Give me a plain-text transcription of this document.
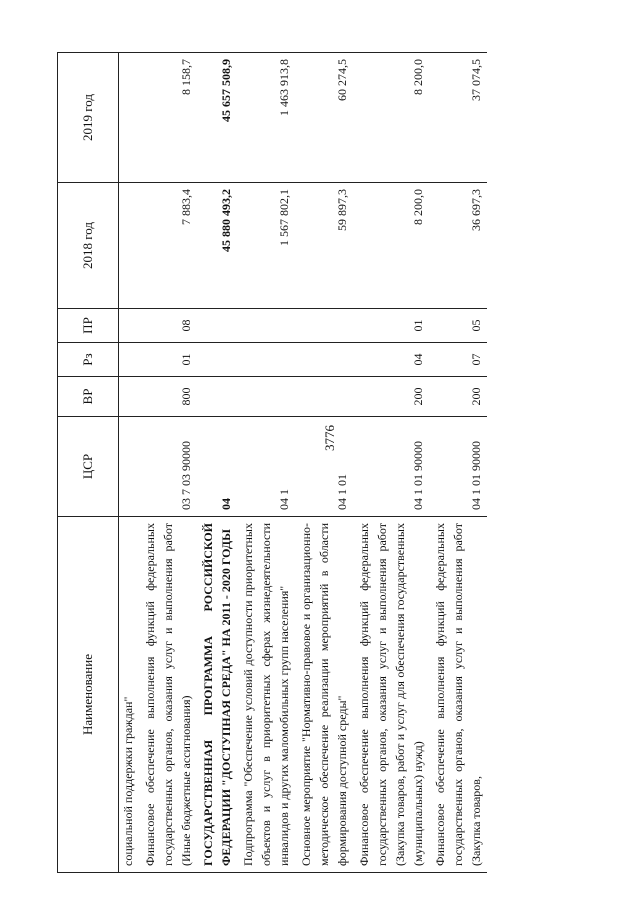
3776
Наименование	ЦСР	ВР	Рз	ПР	2018 год	2019 год
социальной поддержки граждан"						
Финансовое обеспечение выполнения функций федеральных государственных органов, оказания услуг и выполнения работ (Иные бюджетные ассигнования)	03 7 03 90000	800	01	08	7 883,4	8 158,7
ГОСУДАРСТВЕННАЯ ПРОГРАММА РОССИЙСКОЙ ФЕДЕРАЦИИ "ДОСТУПНАЯ СРЕДА" НА 2011 - 2020 ГОДЫ	04				45 880 493,2	45 657 508,9
Подпрограмма "Обеспечение условий доступности приоритетных объектов и услуг в приоритетных сферах жизнедеятельности инвалидов и других маломобильных групп населения"	04 1				1 567 802,1	1 463 913,8
Основное мероприятие "Нормативно-правовое и организационно-методическое обеспечение реализации мероприятий в области формирования доступной среды"	04 1 01				59 897,3	60 274,5
Финансовое обеспечение выполнения функций федеральных государственных органов, оказания услуг и выполнения работ (Закупка товаров, работ и услуг для обеспечения государственных (муниципальных) нужд)	04 1 01 90000	200	04	01	8 200,0	8 200,0
Финансовое обеспечение выполнения функций федеральных государственных органов, оказания услуг и выполнения работ (Закупка товаров,	04 1 01 90000	200	07	05	36 697,3	37 074,5
